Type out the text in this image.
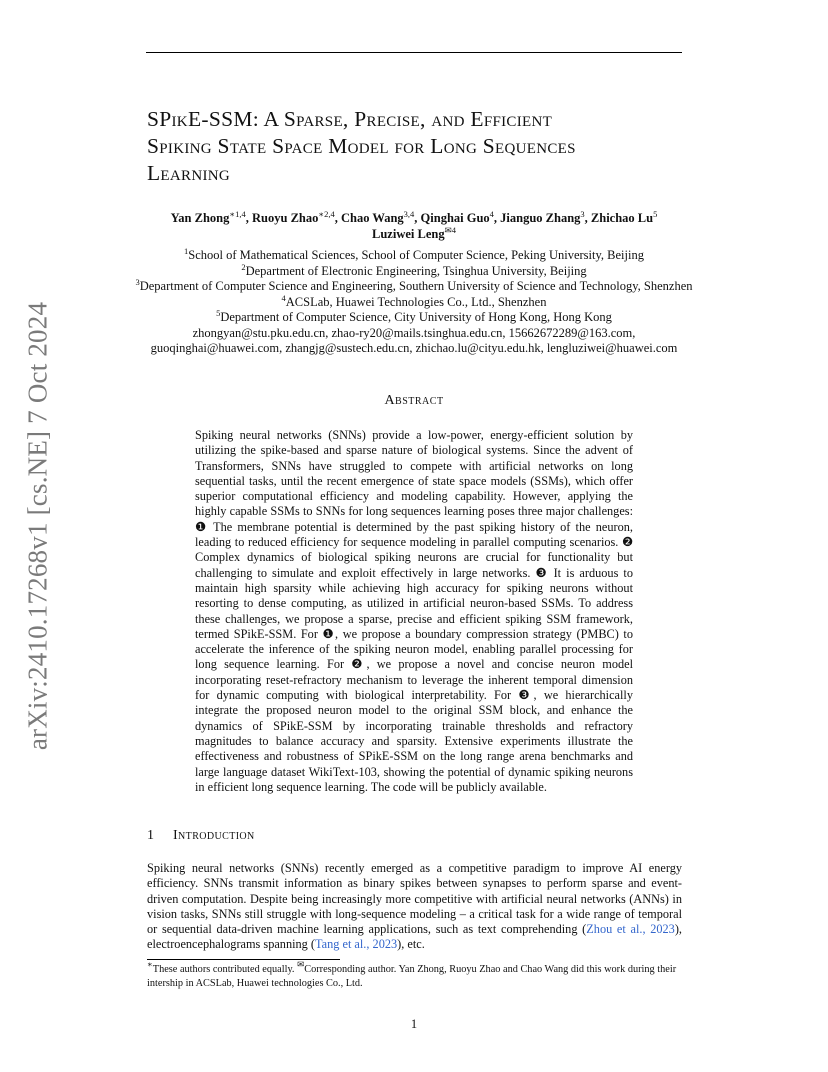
arXiv:2410.17268v1 [cs.NE] 7 Oct 2024
SPikE-SSM: A Sparse, Precise, and Efficient
Spiking State Space Model for Long Sequences
Learning
Yan Zhong$^{∗1,4}$, Ruoyu Zhao$^{∗2,4}$, Chao Wang$^{3,4}$, Qinghai Guo$^4$, Jianguo Zhang$^3$, Zhichao Lu$^5$
Luziwei Leng$^{✉4}$
$^1$School of Mathematical Sciences, School of Computer Science, Peking University, Beijing
$^2$Department of Electronic Engineering, Tsinghua University, Beijing
$^3$Department of Computer Science and Engineering, Southern University of Science and Technology, Shenzhen
$^4$ACSLab, Huawei Technologies Co., Ltd., Shenzhen
$^5$Department of Computer Science, City University of Hong Kong, Hong Kong
zhongyan@stu.pku.edu.cn, zhao-ry20@mails.tsinghua.edu.cn, 15662672289@163.com,
guoqinghai@huawei.com, zhangjg@sustech.edu.cn, zhichao.lu@cityu.edu.hk, lengluziwei@huawei.com
Abstract
Spiking neural networks (SNNs) provide a low-power, energy-efficient solution by utilizing the spike-based and sparse nature of biological systems. Since the advent of Transformers, SNNs have struggled to compete with artificial networks on long sequential tasks, until the recent emergence of state space models (SSMs), which offer superior computational efficiency and modeling capability. However, applying the highly capable SSMs to SNNs for long sequences learning poses three major challenges: ❶ The membrane potential is determined by the past spiking history of the neuron, leading to reduced efficiency for sequence modeling in parallel computing scenarios. ❷ Complex dynamics of biological spiking neurons are crucial for functionality but challenging to simulate and exploit effectively in large networks. ❸ It is arduous to maintain high sparsity while achieving high accuracy for spiking neurons without resorting to dense computing, as utilized in artificial neuron-based SSMs. To address these challenges, we propose a sparse, precise and efficient spiking SSM framework, termed SPikE-SSM. For ❶, we propose a boundary compression strategy (PMBC) to accelerate the inference of the spiking neuron model, enabling parallel processing for long sequence learning. For ❷, we propose a novel and concise neuron model incorporating reset-refractory mechanism to leverage the inherent temporal dimension for dynamic computing with biological interpretability. For ❸, we hierarchically integrate the proposed neuron model to the original SSM block, and enhance the dynamics of SPikE-SSM by incorporating trainable thresholds and refractory magnitudes to balance accuracy and sparsity. Extensive experiments illustrate the effectiveness and robustness of SPikE-SSM on the long range arena benchmarks and large language dataset WikiText-103, showing the potential of dynamic spiking neurons in efficient long sequence learning. The code will be publicly available.
1 Introduction
Spiking neural networks (SNNs) recently emerged as a competitive paradigm to improve AI energy efficiency. SNNs transmit information as binary spikes between synapses to perform sparse and event-driven computation. Despite being increasingly more competitive with artificial neural networks (ANNs) in vision tasks, SNNs still struggle with long-sequence modeling – a critical task for a wide range of temporal or sequential data-driven machine learning applications, such as text comprehending (Zhou et al., 2023), electroencephalograms spanning (Tang et al., 2023), etc.
∗These authors contributed equally. ✉Corresponding author. Yan Zhong, Ruoyu Zhao and Chao Wang did this work during their intership in ACSLab, Huawei technologies Co., Ltd.
1
